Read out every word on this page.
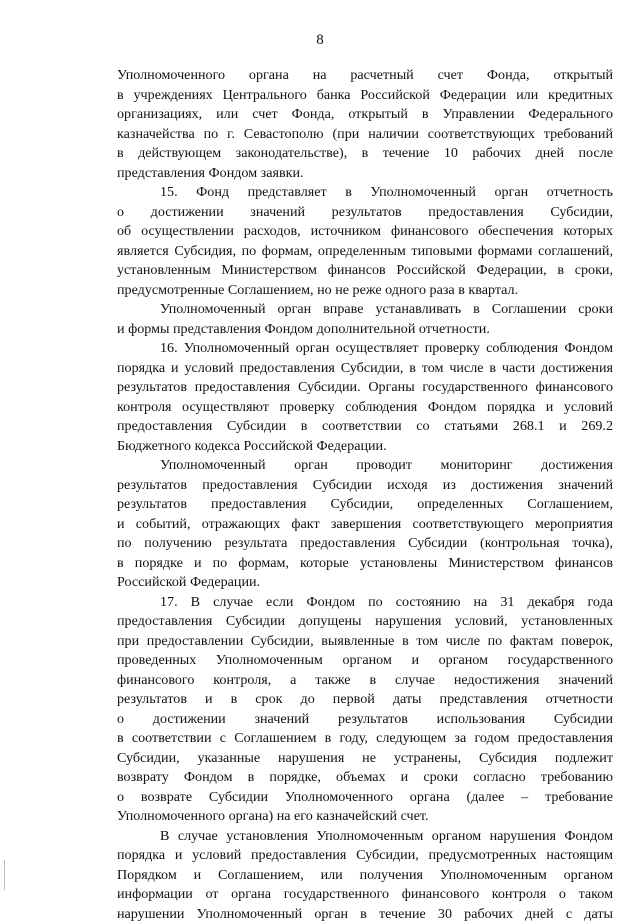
8
Уполномоченного органа на расчетный счет Фонда, открытый
в учреждениях Центрального банка Российской Федерации или кредитных
организациях, или счет Фонда, открытый в Управлении Федерального
казначейства по г. Севастополю (при наличии соответствующих требований
в действующем законодательстве), в течение 10 рабочих дней после
представления Фондом заявки.
15. Фонд представляет в Уполномоченный орган отчетность
о достижении значений результатов предоставления Субсидии,
об осуществлении расходов, источником финансового обеспечения которых
является Субсидия, по формам, определенным типовыми формами соглашений,
установленным Министерством финансов Российской Федерации, в сроки,
предусмотренные Соглашением, но не реже одного раза в квартал.
Уполномоченный орган вправе устанавливать в Соглашении сроки
и формы представления Фондом дополнительной отчетности.
16. Уполномоченный орган осуществляет проверку соблюдения Фондом
порядка и условий предоставления Субсидии, в том числе в части достижения
результатов предоставления Субсидии. Органы государственного финансового
контроля осуществляют проверку соблюдения Фондом порядка и условий
предоставления Субсидии в соответствии со статьями 268.1 и 269.2
Бюджетного кодекса Российской Федерации.
Уполномоченный орган проводит мониторинг достижения
результатов предоставления Субсидии исходя из достижения значений
результатов предоставления Субсидии, определенных Соглашением,
и событий, отражающих факт завершения соответствующего мероприятия
по получению результата предоставления Субсидии (контрольная точка),
в порядке и по формам, которые установлены Министерством финансов
Российской Федерации.
17. В случае если Фондом по состоянию на 31 декабря года
предоставления Субсидии допущены нарушения условий, установленных
при предоставлении Субсидии, выявленные в том числе по фактам поверок,
проведенных Уполномоченным органом и органом государственного
финансового контроля, а также в случае недостижения значений
результатов и в срок до первой даты представления отчетности
о достижении значений результатов использования Субсидии
в соответствии с Соглашением в году, следующем за годом предоставления
Субсидии, указанные нарушения не устранены, Субсидия подлежит
возврату Фондом в порядке, объемах и сроки согласно требованию
о возврате Субсидии Уполномоченного органа (далее – требование
Уполномоченного органа) на его казначейский счет.
В случае установления Уполномоченным органом нарушения Фондом
порядка и условий предоставления Субсидии, предусмотренных настоящим
Порядком и Соглашением, или получения Уполномоченным органом
информации от органа государственного финансового контроля о таком
нарушении Уполномоченный орган в течение 30 рабочих дней с даты
